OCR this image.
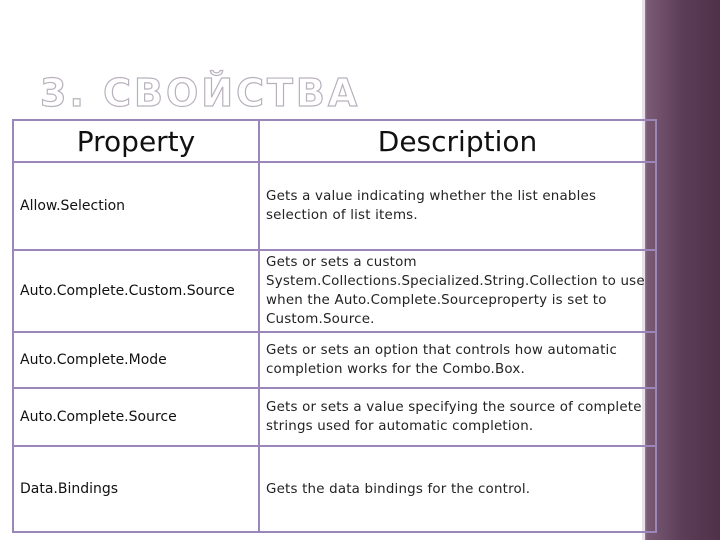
3. СВОЙСТВА
Property	Description
Allow.Selection	Gets a value indicating whether the list enables selection of list items.
Auto.Complete.Custom.Source	Gets or sets a custom System.Collections.Specialized.String.Collection to use when the Auto.Complete.Sourceproperty is set to Custom.Source.
Auto.Complete.Mode	Gets or sets an option that controls how automatic completion works for the Combo.Box.
Auto.Complete.Source	Gets or sets a value specifying the source of complete strings used for automatic completion.
Data.Bindings	Gets the data bindings for the control.
